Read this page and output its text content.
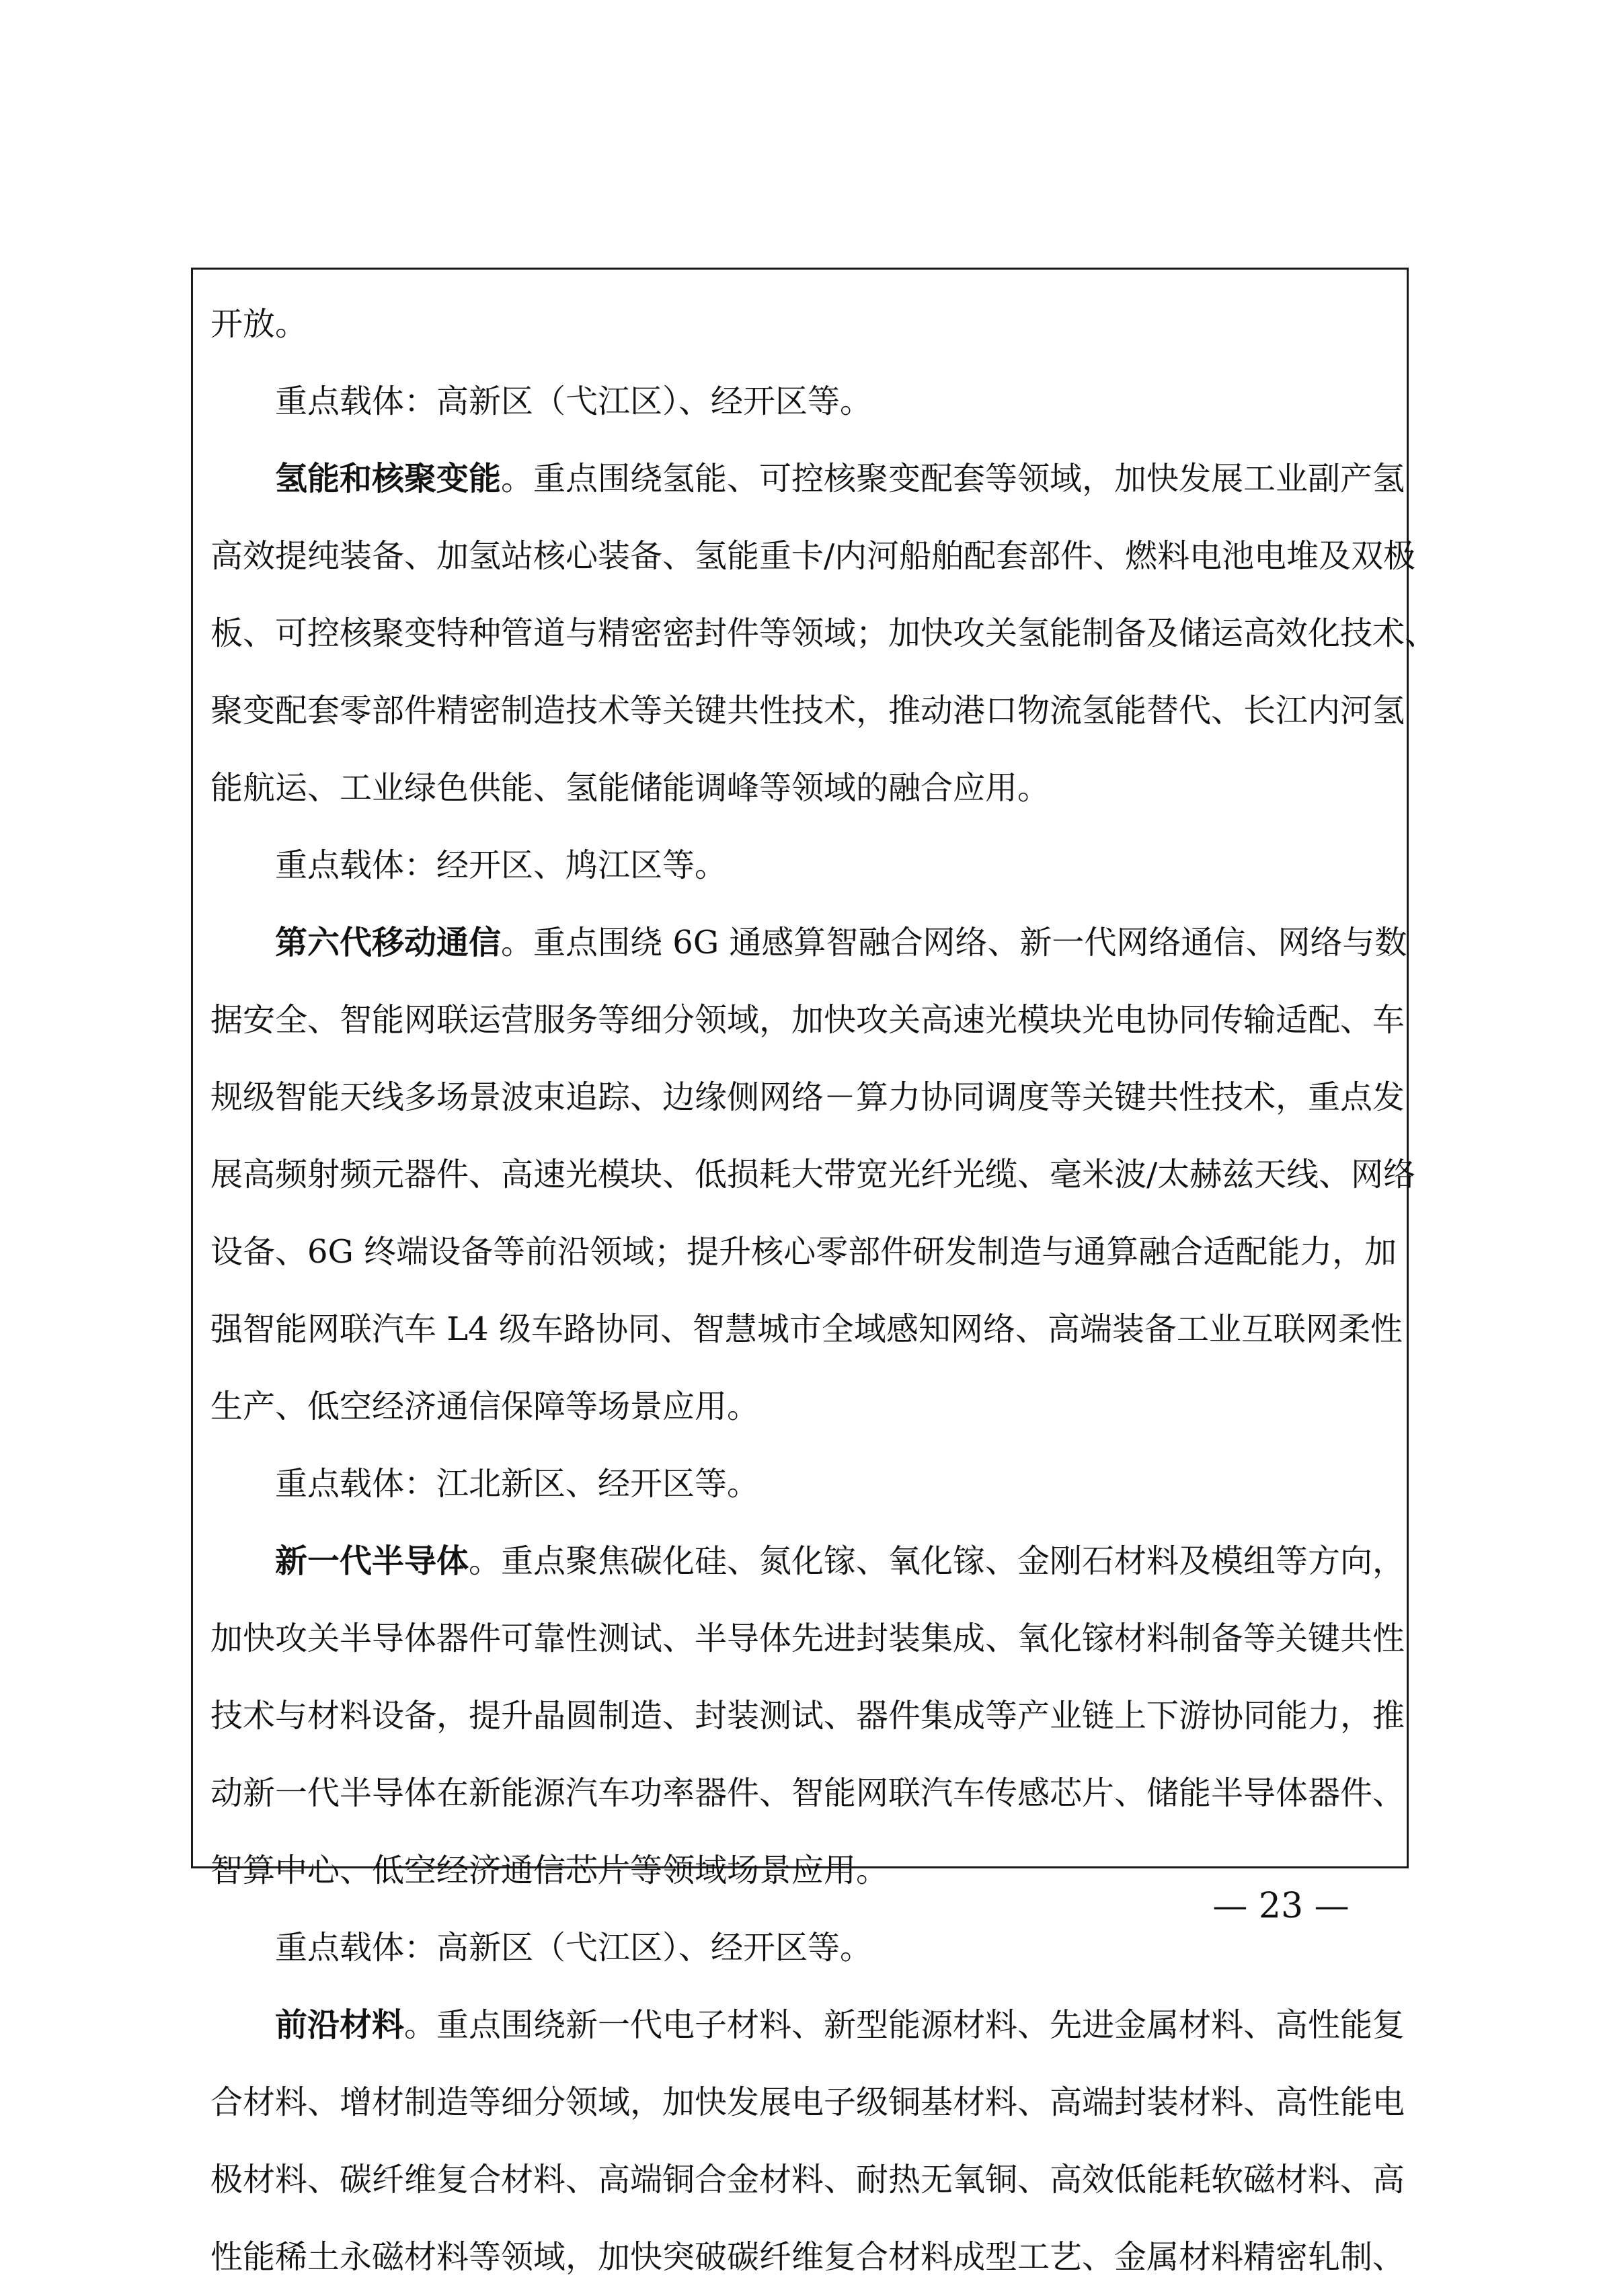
开放。
重点载体：高新区（弋江区）、经开区等。
氢能和核聚变能。重点围绕氢能、可控核聚变配套等领域，加快发展工业副产氢
高效提纯装备、加氢站核心装备、氢能重卡/内河船舶配套部件、燃料电池电堆及双极
板、可控核聚变特种管道与精密密封件等领域；加快攻关氢能制备及储运高效化技术、
聚变配套零部件精密制造技术等关键共性技术，推动港口物流氢能替代、长江内河氢
能航运、工业绿色供能、氢能储能调峰等领域的融合应用。
重点载体：经开区、鸠江区等。
第六代移动通信。重点围绕 6G 通感算智融合网络、新一代网络通信、网络与数
据安全、智能网联运营服务等细分领域，加快攻关高速光模块光电协同传输适配、车
规级智能天线多场景波束追踪、边缘侧网络－算力协同调度等关键共性技术，重点发
展高频射频元器件、高速光模块、低损耗大带宽光纤光缆、毫米波/太赫兹天线、网络
设备、6G 终端设备等前沿领域；提升核心零部件研发制造与通算融合适配能力，加
强智能网联汽车 L4 级车路协同、智慧城市全域感知网络、高端装备工业互联网柔性
生产、低空经济通信保障等场景应用。
重点载体：江北新区、经开区等。
新一代半导体。重点聚焦碳化硅、氮化镓、氧化镓、金刚石材料及模组等方向，
加快攻关半导体器件可靠性测试、半导体先进封装集成、氧化镓材料制备等关键共性
技术与材料设备，提升晶圆制造、封装测试、器件集成等产业链上下游协同能力，推
动新一代半导体在新能源汽车功率器件、智能网联汽车传感芯片、储能半导体器件、
智算中心、低空经济通信芯片等领域场景应用。
重点载体：高新区（弋江区）、经开区等。
前沿材料。重点围绕新一代电子材料、新型能源材料、先进金属材料、高性能复
合材料、增材制造等细分领域，加快发展电子级铜基材料、高端封装材料、高性能电
极材料、碳纤维复合材料、高端铜合金材料、耐热无氧铜、高效低能耗软磁材料、高
性能稀土永磁材料等领域，加快突破碳纤维复合材料成型工艺、金属材料精密轧制、
— 23 —
